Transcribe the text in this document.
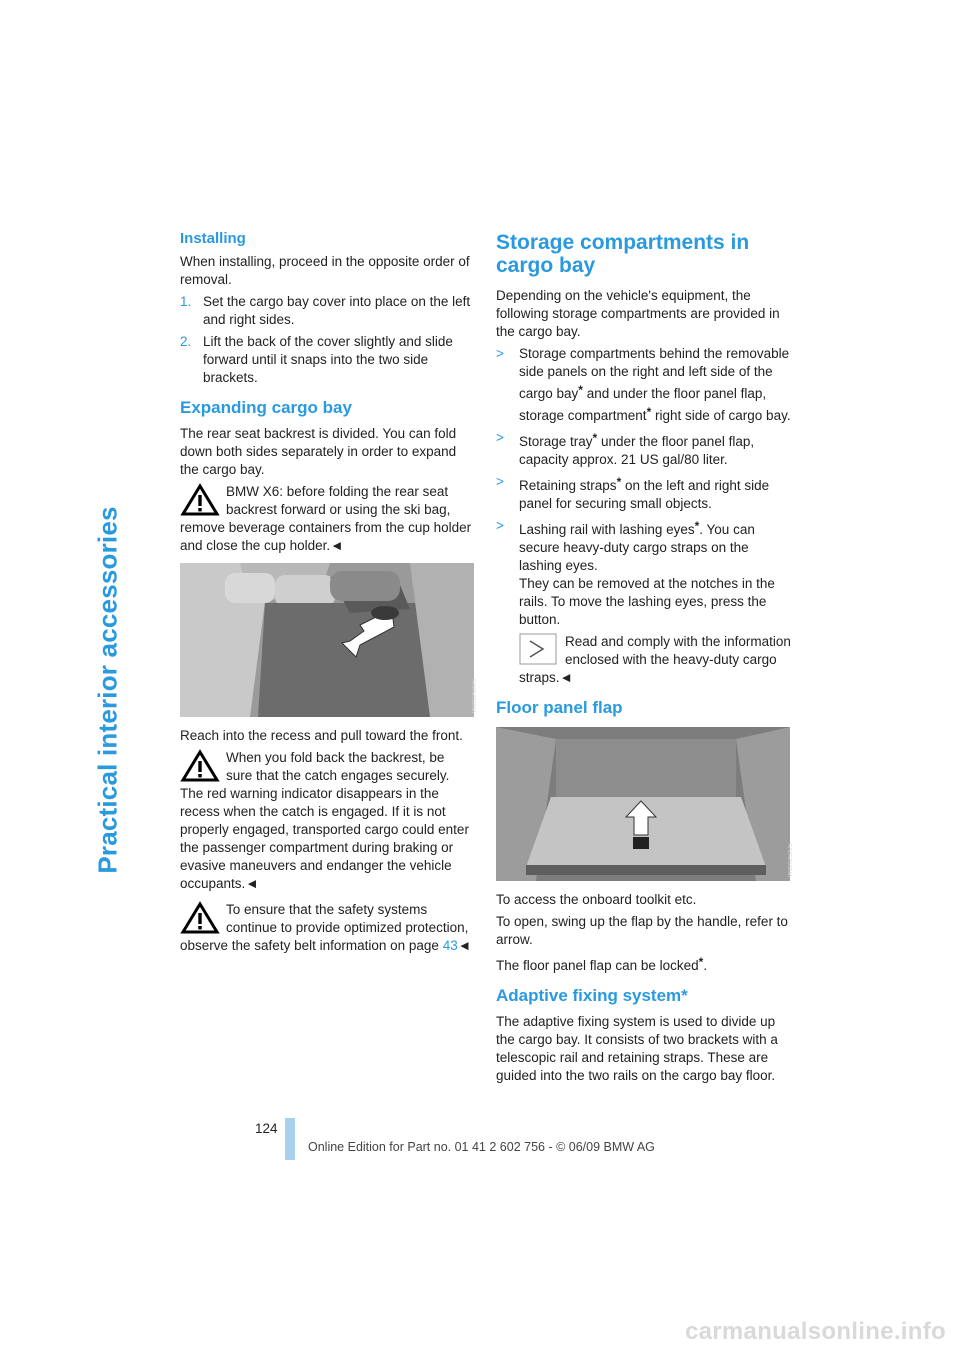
Practical interior accessories
Installing

When installing, proceed in the opposite order of removal.

1. Set the cargo bay cover into place on the left and right sides.
2. Lift the back of the cover slightly and slide forward until it snaps into the two side brackets.
Expanding cargo bay

The rear seat backrest is divided. You can fold down both sides separately in order to expand the cargo bay.

BMW X6: before folding the rear seat backrest forward or using the ski bag, remove beverage containers from the cup holder and close the cup holder.◄
W300250US

Reach into the recess and pull toward the front.

When you fold back the backrest, be sure that the catch engages securely. The red warning indicator disappears in the recess when the catch is engaged. If it is not properly engaged, transported cargo could enter the passenger compartment during braking or evasive maneuvers and endanger the vehicle occupants.◄
To ensure that the safety systems continue to provide optimized protection, observe the safety belt information on page 43◄
Storage compartments in
cargo bay

Depending on the vehicle's equipment, the following storage compartments are provided in the cargo bay.

> Storage compartments behind the removable side panels on the right and left side of the cargo bay* and under the floor panel flap, storage compartment* right side of cargo bay.
> Storage tray* under the floor panel flap, capacity approx. 21 US gal/80 liter.
> Retaining straps* on the left and right side panel for securing small objects.
> Lashing rail with lashing eyes*. You can secure heavy-duty cargo straps on the lashing eyes.
They can be removed at the notches in the rails. To move the lashing eyes, press the button.
Read and comply with the information enclosed with the heavy-duty cargo straps.◄
Floor panel flap
W300250US

To access the onboard toolkit etc.

To open, swing up the flap by the handle, refer to arrow.

The floor panel flap can be locked*.

Adaptive fixing system*

The adaptive fixing system is used to divide up the cargo bay. It consists of two brackets with a telescopic rail and retaining straps. These are guided into the two rails on the cargo bay floor.

124
Online Edition for Part no. 01 41 2 602 756 - © 06/09 BMW AG
carmanualsonline.info
